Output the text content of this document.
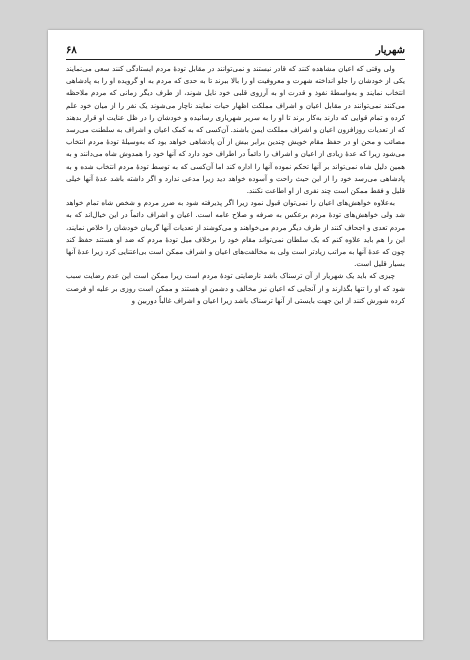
شهریار
۶۸

ولی وقتی که اعیان مشاهده کنند که قادر نیستند و نمی‌توانند در مقابل تودهٔ مردم ایستادگی کنند سعی می‌نمایند یکی از خودشان را جلو انداخته شهرت و معروفیت او را بالا ببرند تا به حدی که مردم به او گرویده او را به پادشاهی انتخاب نمایند و به‌واسطهٔ نفوذ و قدرت او به آرزوی قلبی خود نایل شوند، از طرف دیگر زمانی که مردم ملاحظه می‌کنند نمی‌توانند در مقابل اعیان و اشراف مملکت اظهار حیات نمایند ناچار می‌شوند یک نفر را از میان خود علم کرده و تمام قوایی که دارند به‌کار برند تا او را به سریر شهریاری رسانیده و خودشان را در ظل عنایت او قرار بدهند که از تعدیات روزافزون اعیان و اشراف مملکت ایمن باشند. آن‌کسی که به کمک اعیان و اشراف به سلطنت می‌رسد مصائب و محن او در حفظ مقام خویش چندین برابر بیش از آن پادشاهی خواهد بود که به‌وسیلهٔ تودهٔ مردم انتخاب می‌شود زیرا که عدهٔ زیادی از اعیان و اشراف را دائماً در اطراف خود دارد که آنها خود را همدوش شاه می‌دانند و به همین دلیل شاه نمی‌تواند بر آنها تحکم نموده آنها را اداره کند اما آن‌کسی که به توسط تودهٔ مردم انتخاب شده و به پادشاهی می‌رسد خود را از این حیث راحت و آسوده خواهد دید زیرا مدعی ندارد و اگر داشته باشد عدهٔ آنها خیلی قلیل و فقط ممکن است چند نفری از او اطاعت نکنند.

به‌علاوه خواهش‌های اعیان را نمی‌توان قبول نمود زیرا اگر پذیرفته شود به ضرر مردم و شخص شاه تمام خواهد شد ولی خواهش‌های تودهٔ مردم برعکس به صرفه و صلاح عامه است. اعیان و اشراف دائماً در این خیال‌اند که به مردم تعدی و اجحاف کنند از طرف دیگر مردم می‌خواهند و می‌کوشند از تعدیات آنها گریبان خودشان را خلاص نمایند، این را هم باید علاوه کنم که یک سلطان نمی‌تواند مقام خود را برخلاف میل تودهٔ مردم که ضد او هستند حفظ کند چون که عدهٔ آنها به مراتب زیادتر است ولی به مخالفت‌های اعیان و اشراف ممکن است بی‌اعتنایی کرد زیرا عدهٔ آنها بسیار قلیل است.

چیزی که باید یک شهریار از آن ترسناک باشد نارضایتی تودهٔ مردم است زیرا ممکن است این عدم رضایت سبب شود که او را تنها بگذارند و از آنجایی که اعیان نیز مخالف و دشمن او هستند و ممکن است روزی بر علیه او فرصت کرده شورش کنند از این جهت بایستی از آنها ترسناک باشد زیرا اعیان و اشراف غالباً دوربین و
